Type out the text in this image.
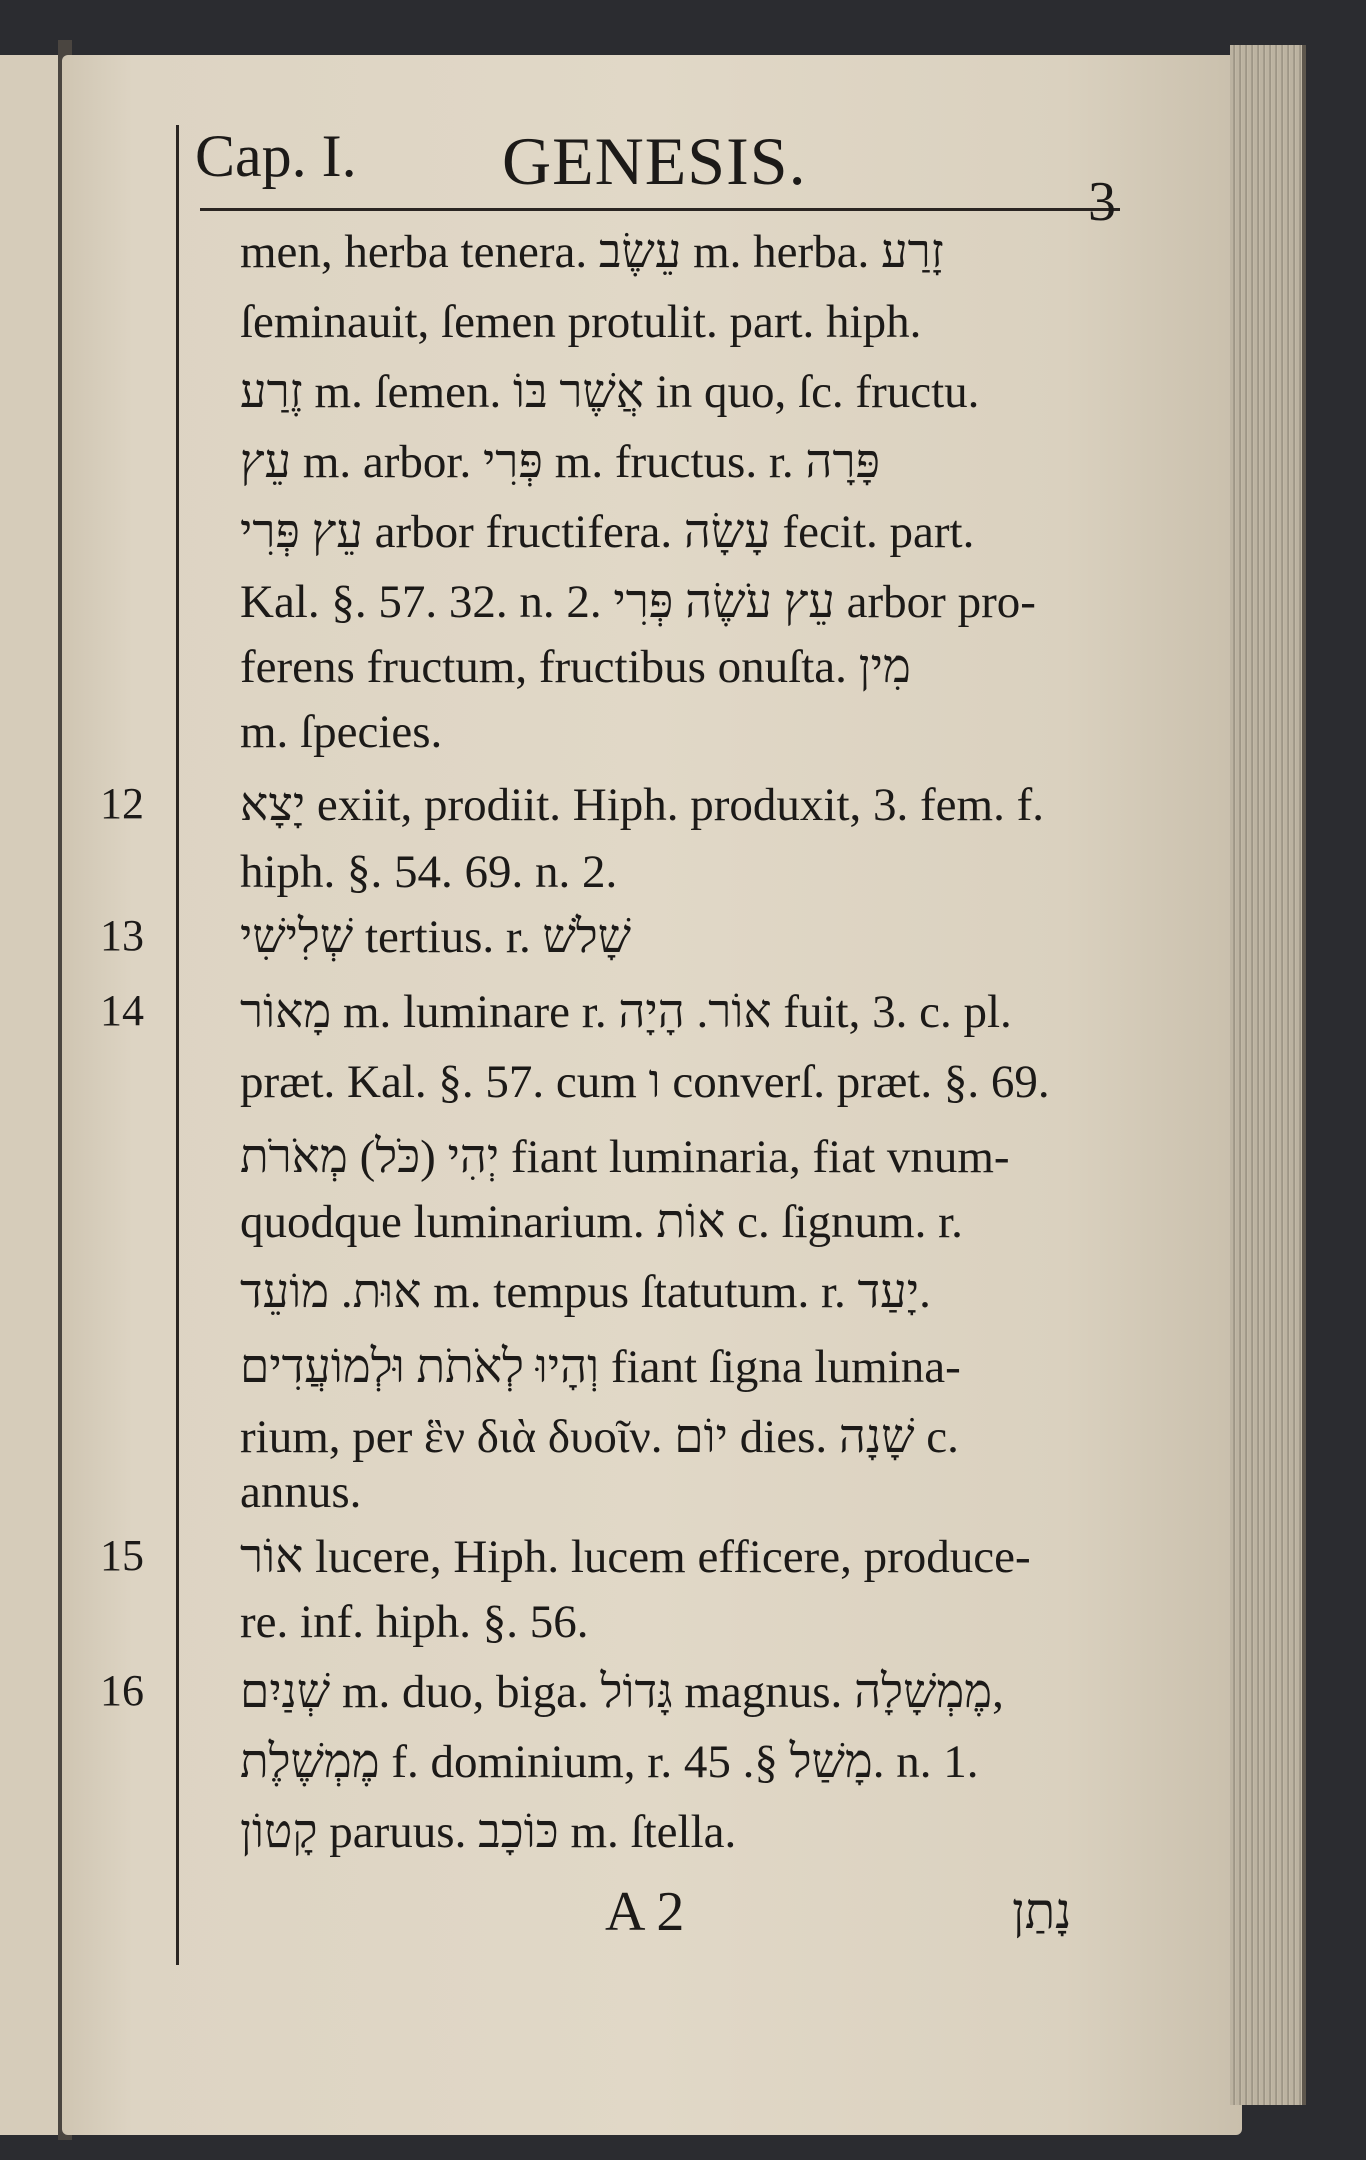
Cap. I. GENESIS.
3
men, herba tenera. עֵשֶׂב m. herba. זָרַע
ſeminauit, ſemen protulit. part. hiph.
זֶרַע m. ſemen. אֲשֶׁר בּוֹ in quo, ſc. fructu.
עֵץ m. arbor. פְּרִי m. fructus. r. פָּרָה
עֵץ פְּרִי arbor fructifera. עָשָׂה fecit. part.
Kal. §. 57. 32. n. 2. עֵץ עֹשֶׂה פְּרִי arbor pro-
ferens fructum, fructibus onuſta. מִין
m. ſpecies.
12 יָצָא exiit, prodiit. Hiph. produxit, 3. fem. f.
hiph. §. 54. 69. n. 2.
13 שְׁלִישִׁי tertius. r. שָׁלֹשׁ
14 מָאוֹר m. luminare r. אוֹר. הָיָה fuit, 3. c. pl.
præt. Kal. §. 57. cum ו converſ. præt. §. 69.
יְהִי (כֹּל) מְאֹרֹת fiant luminaria, fiat vnum-
quodque luminarium. אוֹת c. ſignum. r.
אוּת. מוֹעֵד m. tempus ſtatutum. r. יָעַד.
וְהָיוּ לְאֹתֹת וּלְמוֹעֲדִים fiant ſigna lumina-
rium, per ἓν διὰ δυοῖν. יוֹם dies. שָׁנָה c.
annus.
15 אוֹר lucere, Hiph. lucem efficere, produce-
re. inf. hiph. §. 56.
16 שְׁנַיִם m. duo, biga. גָּדוֹל magnus. מֶמְשָׁלָה,
מֶמְשֶׁלֶת f. dominium, r. מָשַׁל §. 45. n. 1.
קָטוֹן paruus. כּוֹכָב m. ſtella.
A 2	נָתַן
